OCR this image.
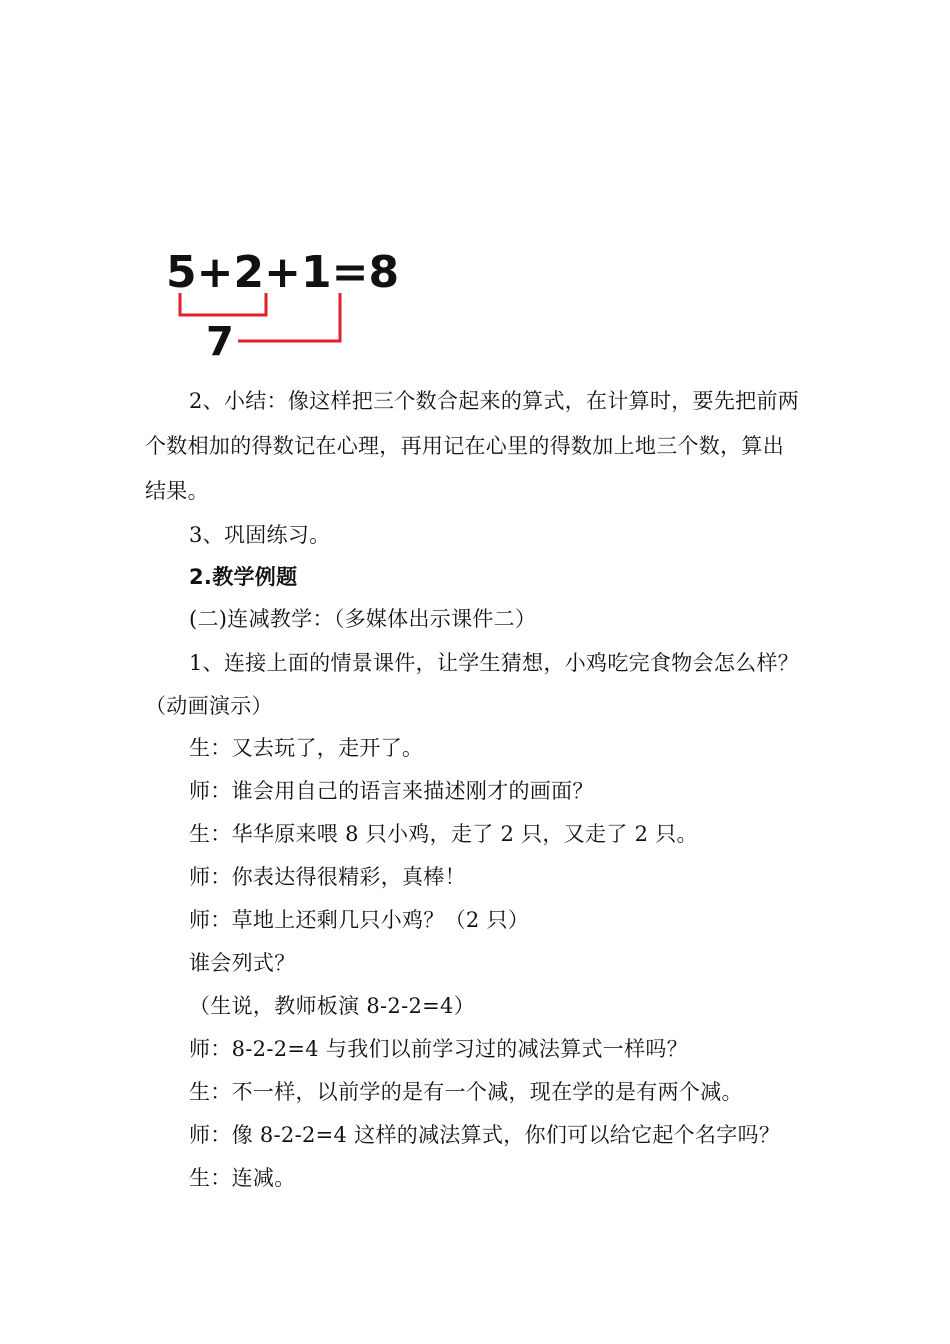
5+2+1=8
7
2、小结：像这样把三个数合起来的算式，在计算时，要先把前两
个数相加的得数记在心理，再用记在心里的得数加上地三个数，算出
结果。
3、巩固练习。
2.教学例题
(二)连减教学：（多媒体出示课件二）
1、连接上面的情景课件，让学生猜想，小鸡吃完食物会怎么样？
（动画演示）
生：又去玩了，走开了。
师：谁会用自己的语言来描述刚才的画面？
生：华华原来喂 8 只小鸡，走了 2 只，又走了 2 只。
师：你表达得很精彩，真棒！
师：草地上还剩几只小鸡？（2 只）
谁会列式？
（生说，教师板演 8-2-2=4）
师：8-2-2=4 与我们以前学习过的减法算式一样吗？
生：不一样，以前学的是有一个减，现在学的是有两个减。
师：像 8-2-2=4 这样的减法算式，你们可以给它起个名字吗？
生：连减。
